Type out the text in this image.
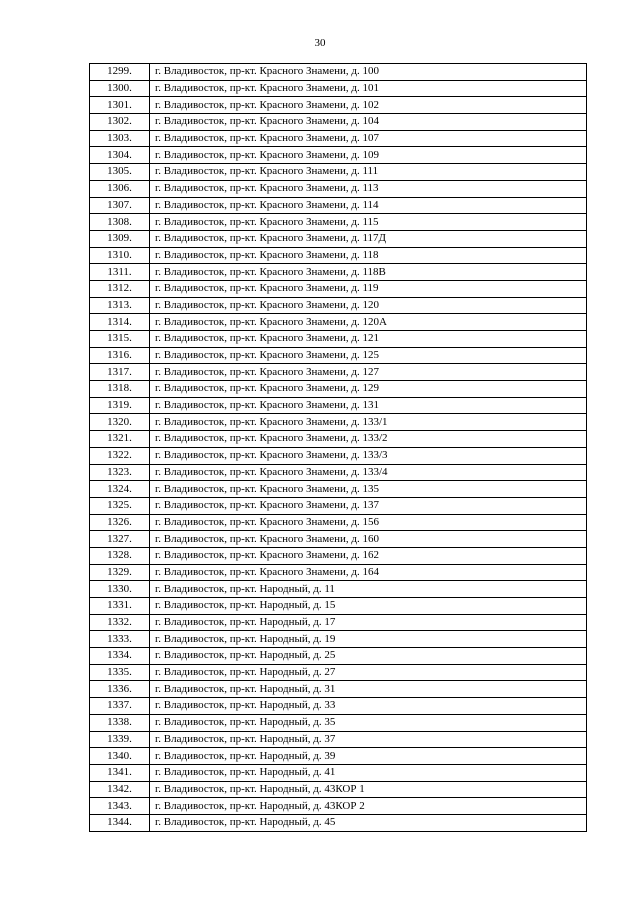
30
1299.	г. Владивосток, пр-кт. Красного Знамени, д. 100
1300.	г. Владивосток, пр-кт. Красного Знамени, д. 101
1301.	г. Владивосток, пр-кт. Красного Знамени, д. 102
1302.	г. Владивосток, пр-кт. Красного Знамени, д. 104
1303.	г. Владивосток, пр-кт. Красного Знамени, д. 107
1304.	г. Владивосток, пр-кт. Красного Знамени, д. 109
1305.	г. Владивосток, пр-кт. Красного Знамени, д. 111
1306.	г. Владивосток, пр-кт. Красного Знамени, д. 113
1307.	г. Владивосток, пр-кт. Красного Знамени, д. 114
1308.	г. Владивосток, пр-кт. Красного Знамени, д. 115
1309.	г. Владивосток, пр-кт. Красного Знамени, д. 117Д
1310.	г. Владивосток, пр-кт. Красного Знамени, д. 118
1311.	г. Владивосток, пр-кт. Красного Знамени, д. 118В
1312.	г. Владивосток, пр-кт. Красного Знамени, д. 119
1313.	г. Владивосток, пр-кт. Красного Знамени, д. 120
1314.	г. Владивосток, пр-кт. Красного Знамени, д. 120А
1315.	г. Владивосток, пр-кт. Красного Знамени, д. 121
1316.	г. Владивосток, пр-кт. Красного Знамени, д. 125
1317.	г. Владивосток, пр-кт. Красного Знамени, д. 127
1318.	г. Владивосток, пр-кт. Красного Знамени, д. 129
1319.	г. Владивосток, пр-кт. Красного Знамени, д. 131
1320.	г. Владивосток, пр-кт. Красного Знамени, д. 133/1
1321.	г. Владивосток, пр-кт. Красного Знамени, д. 133/2
1322.	г. Владивосток, пр-кт. Красного Знамени, д. 133/3
1323.	г. Владивосток, пр-кт. Красного Знамени, д. 133/4
1324.	г. Владивосток, пр-кт. Красного Знамени, д. 135
1325.	г. Владивосток, пр-кт. Красного Знамени, д. 137
1326.	г. Владивосток, пр-кт. Красного Знамени, д. 156
1327.	г. Владивосток, пр-кт. Красного Знамени, д. 160
1328.	г. Владивосток, пр-кт. Красного Знамени, д. 162
1329.	г. Владивосток, пр-кт. Красного Знамени, д. 164
1330.	г. Владивосток, пр-кт. Народный, д. 11
1331.	г. Владивосток, пр-кт. Народный, д. 15
1332.	г. Владивосток, пр-кт. Народный, д. 17
1333.	г. Владивосток, пр-кт. Народный, д. 19
1334.	г. Владивосток, пр-кт. Народный, д. 25
1335.	г. Владивосток, пр-кт. Народный, д. 27
1336.	г. Владивосток, пр-кт. Народный, д. 31
1337.	г. Владивосток, пр-кт. Народный, д. 33
1338.	г. Владивосток, пр-кт. Народный, д. 35
1339.	г. Владивосток, пр-кт. Народный, д. 37
1340.	г. Владивосток, пр-кт. Народный, д. 39
1341.	г. Владивосток, пр-кт. Народный, д. 41
1342.	г. Владивосток, пр-кт. Народный, д. 43КОР 1
1343.	г. Владивосток, пр-кт. Народный, д. 43КОР 2
1344.	г. Владивосток, пр-кт. Народный, д. 45
